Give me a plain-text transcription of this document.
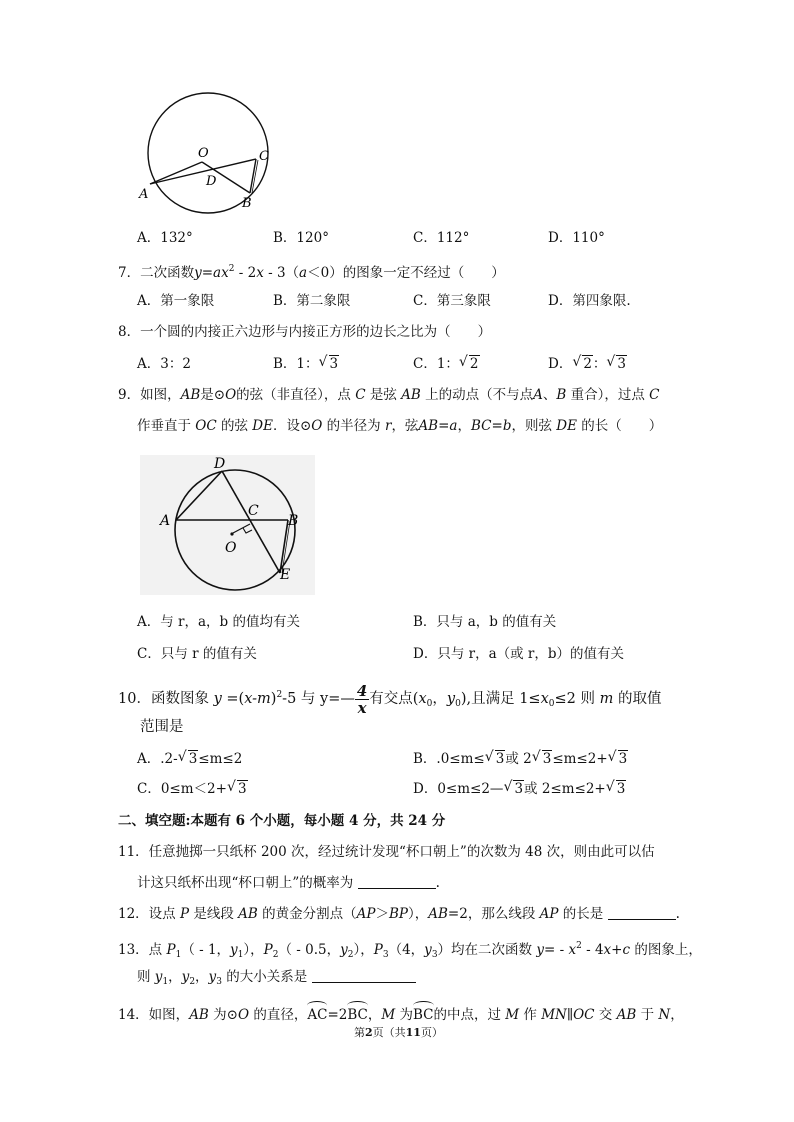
O	C
D
A
B
A．132°	B．120°	C．112°	D．110°
7．二次函数$y=ax^2 - 2x - 3(a<0)$的图象一定不经过（　　）
A．第一象限	B．第二象限	C．第三象限	D．第四象限.
8．一个圆的内接正六边形与内接正方形的边长之比为（　　）
A．3：2	B．1： √ 3	C．1： √ 2	D． √ 2： √ 3
9．如图，AB是⊙O的弦（非直径），点 C 是弦 AB 上的动点（不与点A、B 重合），过点 C
作垂直于 OC 的弦 DE．设⊙O 的半径为 r，弦AB=a，BC=b，则弦 DE 的长（　　）
D
A
C
B
O
E
A．与 r，a，b 的值均有关	B．只与 a，b 的值有关
C．只与 r 的值有关	D．只与 r，a（或 r，b）的值有关
10．函数图象 $y =(x-m)^2-5$ 与 y=— $\frac{4}{x}$ 有交点($x_0$，$y_0$),且满足 $1\le x_0\le 2$ 则 m 的取值
范围是
A．.2- √ 3≤m≤2	B．.0≤m≤ √ 3或 2 √ 3≤m≤2+ √ 3
C．0≤m＜2+ √ 3	D．0≤m≤2— √ 3或 2≤m≤2+ √ 3
二、填空题:本题有 6 个小题，每小题 4 分，共 24 分
11．任意抛掷一只纸杯 200 次，经过统计发现“杯口朝上”的次数为 48 次，则由此可以估
计这只纸杯出现“杯口朝上”的概率为	.
12．设点 P 是线段 AB 的黄金分割点（AP＞BP），AB=2，那么线段 AP 的长是	.
13．点 $P_1( - 1$，$y_1$），$P_2( - 0.5$，$y_2$），$P_3(4$，$y_3$）均在二次函数 $y= - x^2 - 4x+c$ 的图象上，
则 $y_1$，$y_2$，$y_3$ 的大小关系是
14．如图，AB 为⊙O 的直径，AC=2BC，M 为BC的中点，过 M 作 MN∥OC 交 AB 于 N，
第2页（共11页）
